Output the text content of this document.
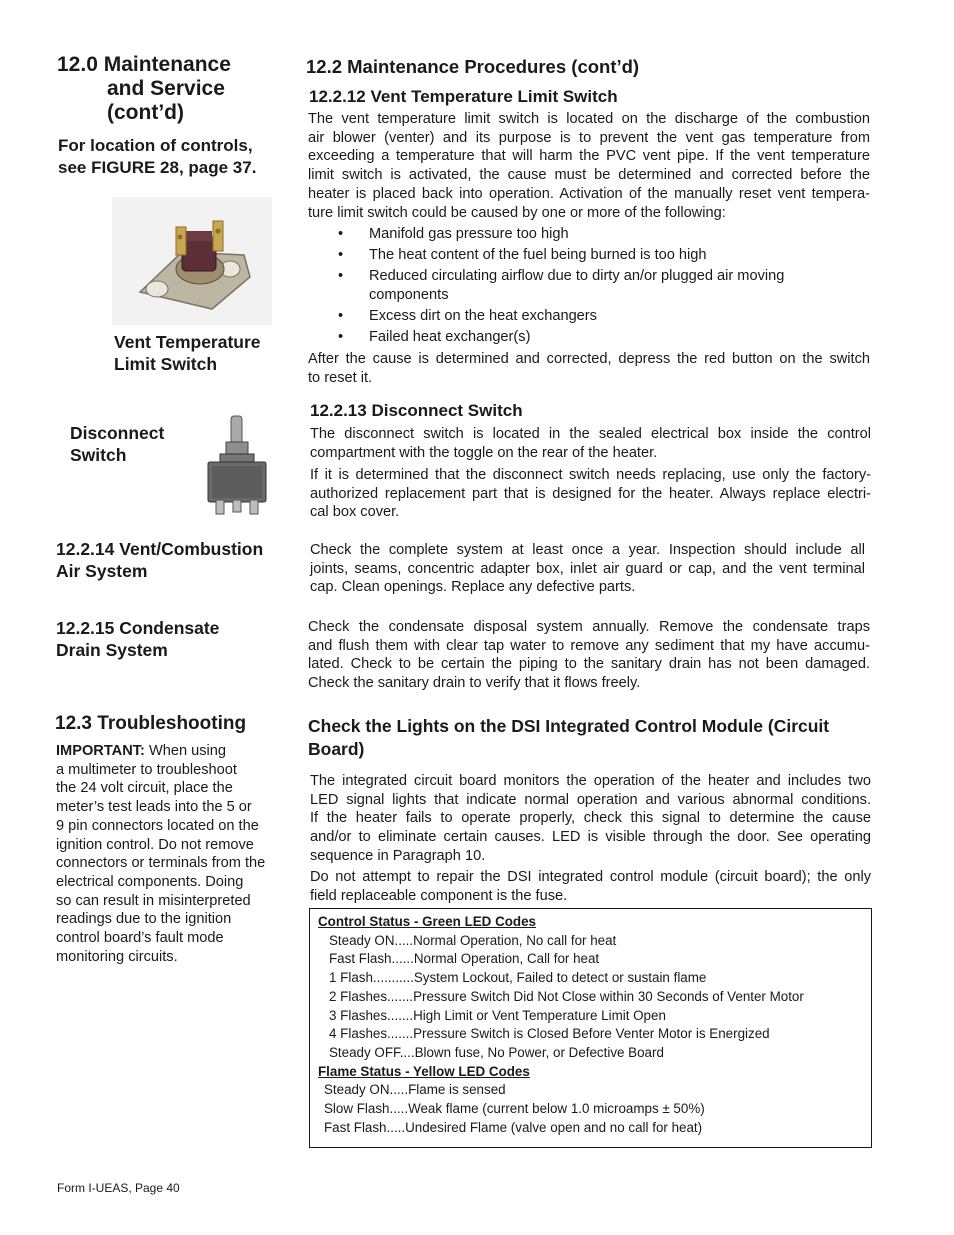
12.0 Maintenance
and Service
(cont’d)
For location of controls,
see FIGURE 28, page 37.
Vent Temperature
Limit Switch
Disconnect
Switch
12.2.14 Vent/Combustion
Air System
12.2.15 Condensate
Drain System
12.3 Troubleshooting
IMPORTANT: When using
a multimeter to troubleshoot
the 24 volt circuit, place the
meter’s test leads into the 5 or
9 pin connectors located on the
ignition control. Do not remove
connectors or terminals from the
electrical components. Doing
so can result in misinterpreted
readings due to the ignition
control board’s fault mode
monitoring circuits.
12.2 Maintenance Procedures (cont’d)
12.2.12 Vent Temperature Limit Switch
The vent temperature limit switch is located on the discharge of the combustion
air blower (venter) and its purpose is to prevent the vent gas temperature from
exceeding a temperature that will harm the PVC vent pipe. If the vent temperature
limit switch is activated, the cause must be determined and corrected before the
heater is placed back into operation. Activation of the manually reset vent tempera-
ture limit switch could be caused by one or more of the following:
• Manifold gas pressure too high
• The heat content of the fuel being burned is too high
• Reduced circulating airflow due to dirty an/or plugged air moving
components
• Excess dirt on the heat exchangers
• Failed heat exchanger(s)
After the cause is determined and corrected, depress the red button on the switch
to reset it.
12.2.13 Disconnect Switch
The disconnect switch is located in the sealed electrical box inside the control
compartment with the toggle on the rear of the heater.
If it is determined that the disconnect switch needs replacing, use only the factory-
authorized replacement part that is designed for the heater. Always replace electri-
cal box cover.
Check the complete system at least once a year. Inspection should include all
joints, seams, concentric adapter box, inlet air guard or cap, and the vent terminal
cap. Clean openings. Replace any defective parts.
Check the condensate disposal system annually. Remove the condensate traps
and flush them with clear tap water to remove any sediment that my have accumu-
lated. Check to be certain the piping to the sanitary drain has not been damaged.
Check the sanitary drain to verify that it flows freely.
Check the Lights on the DSI Integrated Control Module (Circuit
Board)
The integrated circuit board monitors the operation of the heater and includes two
LED signal lights that indicate normal operation and various abnormal conditions.
If the heater fails to operate properly, check this signal to determine the cause
and/or to eliminate certain causes. LED is visible through the door. See operating
sequence in Paragraph 10.
Do not attempt to repair the DSI integrated control module (circuit board); the only
field replaceable component is the fuse.
Control Status - Green LED Codes
Steady ON.....Normal Operation, No call for heat
Fast Flash......Normal Operation, Call for heat
1 Flash...........System Lockout, Failed to detect or sustain flame
2 Flashes.......Pressure Switch Did Not Close within 30 Seconds of Venter Motor
3 Flashes.......High Limit or Vent Temperature Limit Open
4 Flashes.......Pressure Switch is Closed Before Venter Motor is Energized
Steady OFF....Blown fuse, No Power, or Defective Board
Flame Status - Yellow LED Codes
Steady ON.....Flame is sensed
Slow Flash.....Weak flame (current below 1.0 microamps ± 50%)
Fast Flash.....Undesired Flame (valve open and no call for heat)
Form I-UEAS, Page 40
